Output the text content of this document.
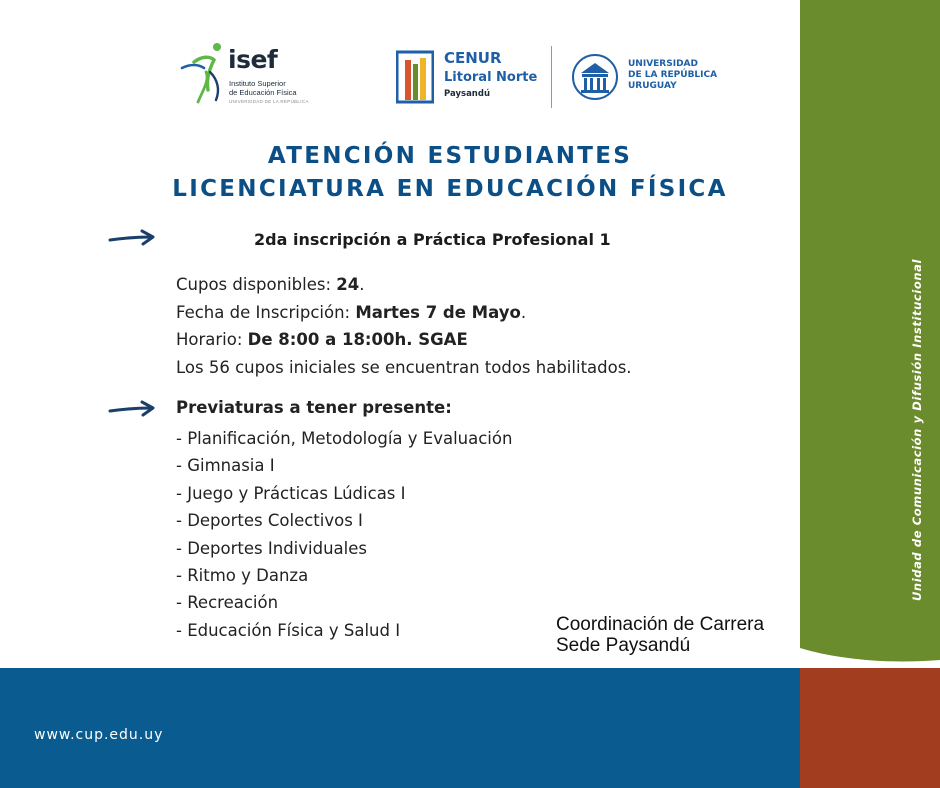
Unidad de Comunicación y Difusión Institucional
www.cup.edu.uy
isef
Instituto Superior
de Educación Física
UNIVERSIDAD DE LA REPÚBLICA
CENUR
Litoral Norte
Paysandú
UNIVERSIDAD
DE LA REPÚBLICA
URUGUAY
ATENCIÓN ESTUDIANTES
LICENCIATURA EN EDUCACIÓN FÍSICA
2da inscripción a Práctica Profesional 1
Cupos disponibles: 24.
Fecha de Inscripción: Martes 7 de Mayo.
Horario: De 8:00 a 18:00h. SGAE
Los 56 cupos iniciales se encuentran todos habilitados.
Previaturas a tener presente:
- Planificación, Metodología y Evaluación
- Gimnasia I
- Juego y Prácticas Lúdicas I
- Deportes Colectivos I
- Deportes Individuales
- Ritmo y Danza
- Recreación
- Educación Física y Salud I	Coordinación de Carrera
Sede Paysandú
